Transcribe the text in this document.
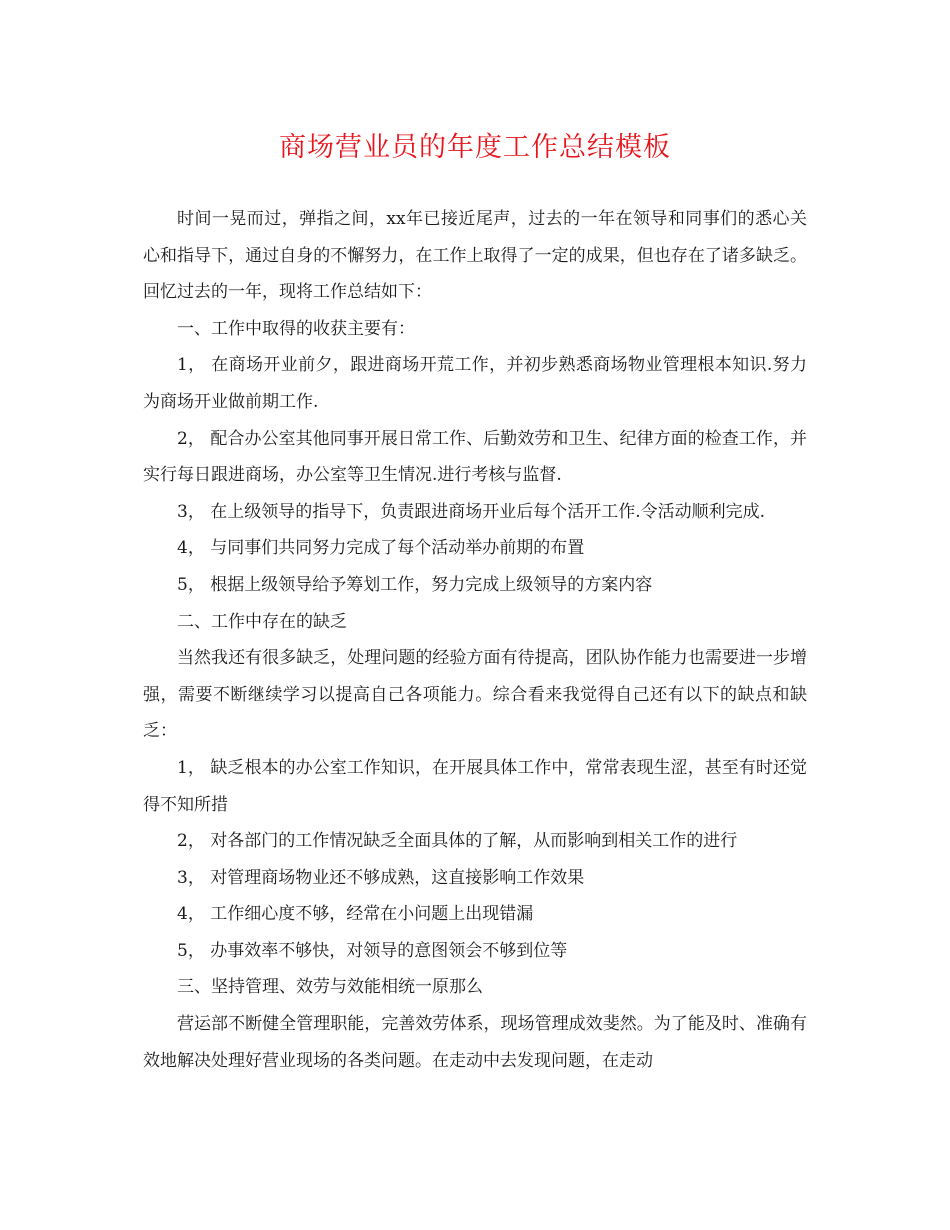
商场营业员的年度工作总结模板

时间一晃而过，弹指之间，xx年已接近尾声，过去的一年在领导和同事们的悉心关心和指导下，通过自身的不懈努力，在工作上取得了一定的成果，但也存在了诸多缺乏。回忆过去的一年，现将工作总结如下：

一、工作中取得的收获主要有：

1， 在商场开业前夕，跟进商场开荒工作，并初步熟悉商场物业管理根本知识.努力为商场开业做前期工作.

2， 配合办公室其他同事开展日常工作、后勤效劳和卫生、纪律方面的检查工作，并实行每日跟进商场，办公室等卫生情况.进行考核与监督.

3， 在上级领导的指导下，负责跟进商场开业后每个活开工作.令活动顺利完成.

4， 与同事们共同努力完成了每个活动举办前期的布置

5， 根据上级领导给予筹划工作，努力完成上级领导的方案内容

二、工作中存在的缺乏

当然我还有很多缺乏，处理问题的经验方面有待提高，团队协作能力也需要进一步增强，需要不断继续学习以提高自己各项能力。综合看来我觉得自己还有以下的缺点和缺乏：

1， 缺乏根本的办公室工作知识，在开展具体工作中，常常表现生涩，甚至有时还觉得不知所措

2， 对各部门的工作情况缺乏全面具体的了解，从而影响到相关工作的进行

3， 对管理商场物业还不够成熟，这直接影响工作效果

4， 工作细心度不够，经常在小问题上出现错漏

5， 办事效率不够快，对领导的意图领会不够到位等

三、坚持管理、效劳与效能相统一原那么

营运部不断健全管理职能，完善效劳体系，现场管理成效斐然。为了能及时、准确有效地解决处理好营业现场的各类问题。在走动中去发现问题，在走动
